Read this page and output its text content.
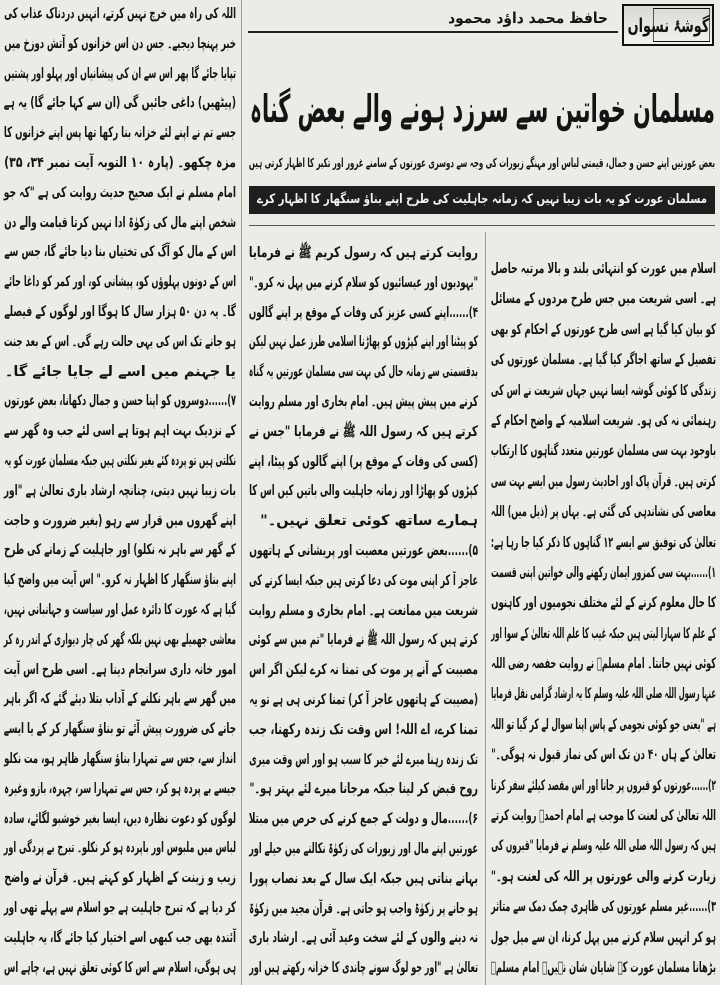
گوشۂ نسواں
حافظ محمد داؤد محمود
مسلمان خواتین سے سرزد ہونے والے بعض گناہ
بعض عورتیں اپنے حسن و جمال، قیمتی لباس اور مہنگے زیورات کی وجہ سے دوسری عورتوں کے سامنے غرور اور تکبر کا اظہار کرتی ہیں
مسلمان عورت کو یہ بات زیبا نہیں کہ زمانہ جاہلیت کی طرح اپنے بناؤ سنگھار کا اظہار کرے
اسلام میں عورت کو انتہائی بلند و بالا مرتبہ حاصل
ہے۔ اسی شریعت میں جس طرح مردوں کے مسائل
کو بیان کیا گیا ہے اسی طرح عورتوں کے احکام کو بھی
تفصیل کے ساتھ اجاگر کیا گیا ہے۔ مسلمان عورتوں کی
زندگی کا کوئی گوشہ ایسا نہیں جہاں شریعت نے اس کی
رہنمائی نہ کی ہو۔ شریعت اسلامیہ کے واضح احکام کے
باوجود بہت سی مسلمان عورتیں متعدد گناہوں کا ارتکاب
کرتی ہیں۔ قرآن پاک اور احادیث رسول میں ایسے بہت سی
معاصی کی نشاندہی کی گئی ہے۔ یہاں پر (ذیل میں) اللہ
تعالیٰ کی توفیق سے ایسے ۱۲ گناہوں کا ذکر کیا جا رہا ہے:
۱)......بہت سی کمزور ایمان رکھنے والی خواتین اپنی قسمت
کا حال معلوم کرنے کے لئے مختلف نجومیوں اور کاہنوں
کے علم کا سہارا لیتی ہیں جبکہ غیب کا علم اللہ تعالیٰ کے سوا اور
کوئی نہیں جانتا۔ امام مسلمؒ نے روایت حفصہ رضی اللہ
عنہا رسول اللہ صلی اللہ علیہ وسلم کا یہ ارشاد گرامی نقل فرمایا
ہے "یعنی جو کوئی نجومی کے پاس اپنا سوال لے کر گیا تو اللہ
تعالیٰ کے ہاں ۴۰ دن تک اس کی نماز قبول نہ ہوگی۔"
۲)......عورتوں کو قبروں پر جانا اور اس مقصد کیلئے سفر کرنا
اللہ تعالیٰ کی لعنت کا موجب ہے امام احمدؒ روایت کرتے
ہیں کہ رسول اللہ صلی اللہ علیہ وسلم نے فرمایا "قبروں کی
زیارت کرنے والی عورتوں پر اللہ کی لعنت ہو۔"
۳)......غیر مسلم عورتوں کی ظاہری چمک دمک سے متاثر
ہو کر انہیں سلام کرنے میں پہل کرنا، ان سے میل جول
بڑھانا مسلمان عورت کے شایان شان نہیں۔ امام مسلمؒ
روایت کرتے ہیں کہ رسول کریم ﷺ نے فرمایا
"یہودیوں اور عیسائیوں کو سلام کرنے میں پہل نہ کرو۔"
۴)......اپنے کسی عزیز کی وفات کے موقع پر اپنے گالوں
کو پیٹنا اور اپنے کپڑوں کو پھاڑنا اسلامی طرز عمل نہیں لیکن
بدقسمتی سے زمانہ حال کی بہت سی مسلمان عورتیں یہ گناہ
کرنے میں پیش پیش ہیں۔ امام بخاری اور مسلم روایت
کرتے ہیں کہ رسول اللہ ﷺ نے فرمایا "جس نے
(کسی کی وفات کے موقع پر) اپنے گالوں کو پیٹا، اپنے
کپڑوں کو پھاڑا اور زمانہ جاہلیت والی باتیں کیں اس کا
ہمارے ساتھ کوئی تعلق نہیں۔"
۵)......بعض عورتیں معصیت اور پریشانی کے ہاتھوں
عاجز آ کر اپنی موت کی دعا کرتی ہیں جبکہ ایسا کرنے کی
شریعت میں ممانعت ہے۔ امام بخاری و مسلم روایت
کرتے ہیں کہ رسول اللہ ﷺ نے فرمایا "تم میں سے کوئی
مصیبت کے آنے پر موت کی تمنا نہ کرے لیکن اگر اس
(مصیبت کے ہاتھوں عاجز آ کر) تمنا کرنی ہی ہے تو یہ
تمنا کرے، اے اللہ! اس وقت تک زندہ رکھنا، جب
تک زندہ رہنا میرے لئے خیر کا سبب ہو اور اس وقت میری
روح قبض کر لینا جبکہ مرجانا میرے لئے بہتر ہو۔"
۶)......مال و دولت کے جمع کرنے کی حرص میں مبتلا
عورتیں اپنے مال اور زیورات کی زکوٰۃ نکالنے میں حیلے اور
بہانے بناتی ہیں جبکہ ایک سال کے بعد نصاب پورا
ہو جانے پر زکوٰۃ واجب ہو جاتی ہے۔ قرآن مجید میں زکوٰۃ
نہ دینے والوں کے لئے سخت وعید آئی ہے۔ ارشاد باری
تعالیٰ ہے "اور جو لوگ سونے چاندی کا خزانہ رکھتے ہیں اور
اللہ کی راہ میں خرچ نہیں کرتے، انہیں دردناک عذاب کی
خبر پہنچا دیجیے۔ جس دن اس خزانوں کو آتش دوزخ میں
تپایا جائے گا پھر اس سے ان کی پیشانیاں اور پہلو اور پشتیں
(پیٹھیں) داغی جائیں گی (ان سے کہا جائے گا) یہ ہے
جسے تم نے اپنے لئے خزانہ بنا رکھا تھا پس اپنے خزانوں کا
مزہ چکھو۔ (پارہ ۱۰ التوبہ آیت نمبر ۳۴، ۳۵)
امام مسلم نے ایک صحیح حدیث روایت کی ہے "کہ جو
شخص اپنے مال کی زکوٰۃ ادا نہیں کرتا قیامت والے دن
اس کے مال کو آگ کی تختیاں بنا دیا جائے گا، جس سے
اس کے دونوں پہلوؤں کو، پیشانی کو، اور کمر کو داغا جائے
گا۔ یہ دن ۵۰ ہزار سال کا ہوگا اور لوگوں کے فیصلے
ہو جانے تک اس کی یہی حالت رہے گی۔ اس کے بعد جنت
یا جہنم میں اسے لے جایا جائے گا۔
۷)......دوسروں کو اپنا حسن و جمال دکھانا، بعض عورتوں
کے نزدیک بہت اہم ہوتا ہے اسی لئے جب وہ گھر سے
نکلتی ہیں تو پردہ کئے بغیر نکلتی ہیں جبکہ مسلمان عورت کو یہ
بات زیبا نہیں دیتی، چنانچہ ارشاد باری تعالیٰ ہے "اور
اپنے گھروں میں قرار سے رہو (بغیر ضرورت و حاجت
کے گھر سے باہر نہ نکلو) اور جاہلیت کے زمانے کی طرح
اپنے بناؤ سنگھار کا اظہار نہ کرو۔" اس آیت میں واضح کیا
گیا ہے کہ عورت کا دائرہ عمل اور سیاست و جہانبانی نہیں،
معاشی جھمیلے بھی نہیں بلکہ گھر کی چار دیواری کے اندر رہ کر
امور خانہ داری سرانجام دینا ہے۔ اسی طرح اس آیت
میں گھر سے باہر نکلنے کے آداب بتلا دیئے گئے کہ اگر باہر
جانے کی ضرورت پیش آئے تو بناؤ سنگھار کر کے یا ایسے
انداز سے، جس سے تمہارا بناؤ سنگھار ظاہر ہو، مت نکلو
جیسے بے پردہ ہو کر، جس سے تمہارا سر، چہرہ، بازو وغیرہ
لوگوں کو دعوت نظارہ دیں، ایسا بغیر خوشبو لگائے، سادہ
لباس میں ملبوس اور باپردہ ہو کر نکلو۔ تبرج بے پردگی اور
زیب و زینت کے اظہار کو کہتے ہیں۔ قرآن نے واضح
کر دیا ہے کہ تبرج جاہلیت ہے جو اسلام سے پہلے تھی اور
آئندہ بھی جب کبھی اسے اختیار کیا جائے گا، یہ جاہلیت
ہی ہوگی، اسلام سے اس کا کوئی تعلق نہیں ہے، چاہے اس
